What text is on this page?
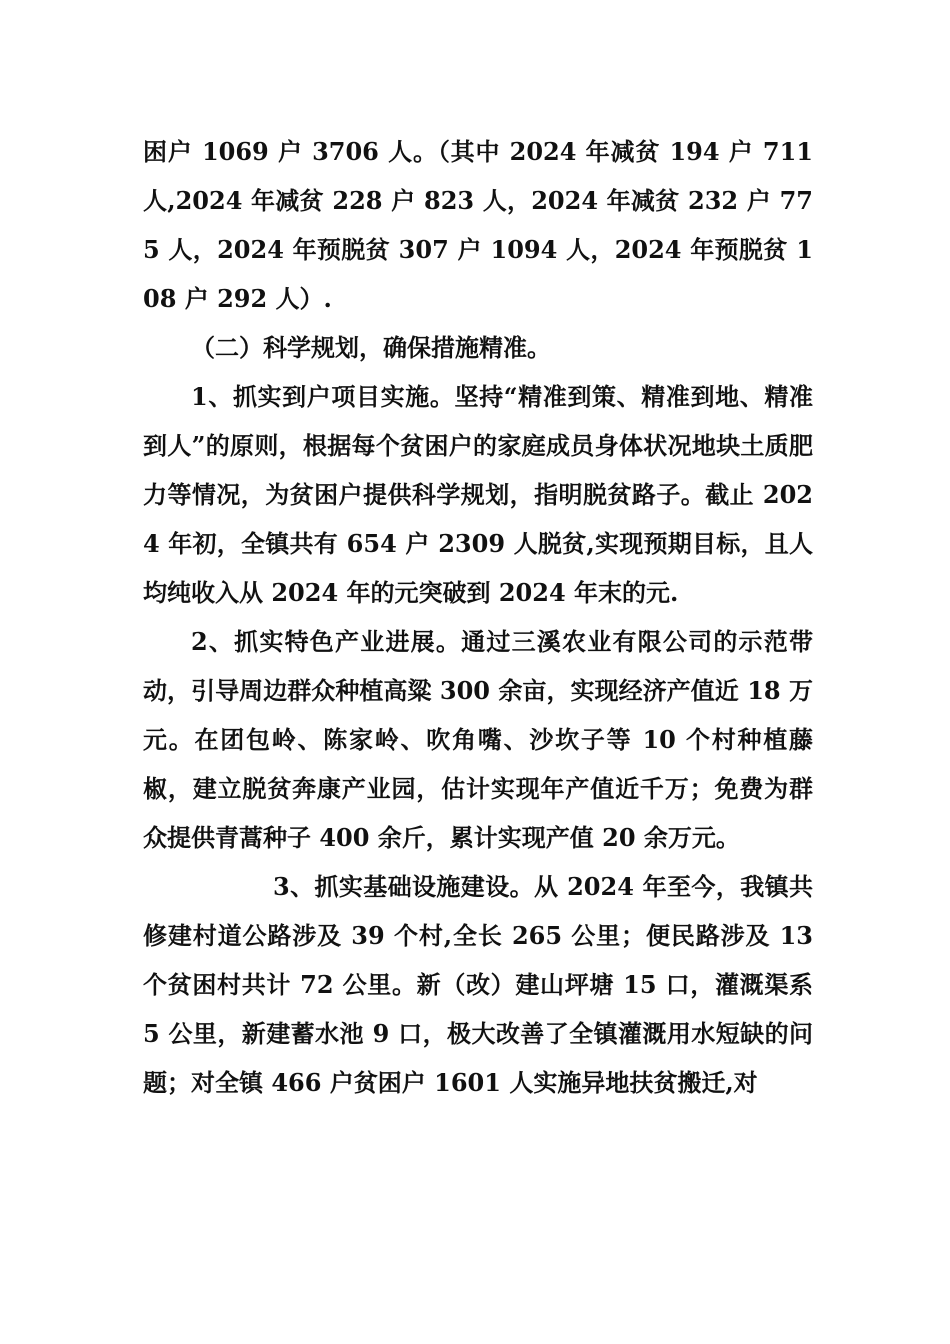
困户 1069 户 3706 人。（其中 2024 年减贫 194 户 711 人,2024 年减贫 228 户 823 人，2024 年减贫 232 户 775 人，2024 年预脱贫 307 户 1094 人，2024 年预脱贫 108 户 292 人）.

（二）科学规划，确保措施精准。

1、抓实到户项目实施。坚持“精准到策、精准到地、精准到人”的原则，根据每个贫困户的家庭成员身体状况地块土质肥力等情况，为贫困户提供科学规划，指明脱贫路子。截止 2024 年初，全镇共有 654 户 2309 人脱贫,实现预期目标，且人均纯收入从 2024 年的元突破到 2024 年末的元.

2、抓实特色产业进展。通过三溪农业有限公司的示范带动，引导周边群众种植高粱 300 余亩，实现经济产值近 18 万元。在团包岭、陈家岭、吹角嘴、沙坎子等 10 个村种植藤椒，建立脱贫奔康产业园，估计实现年产值近千万；免费为群众提供青蒿种子 400 余斤，累计实现产值 20 余万元。

3、抓实基础设施建设。从 2024 年至今，我镇共修建村道公路涉及 39 个村,全长 265 公里；便民路涉及 13 个贫困村共计 72 公里。新（改）建山坪塘 15 口，灌溉渠系 5 公里，新建蓄水池 9 口，极大改善了全镇灌溉用水短缺的问题；对全镇 466 户贫困户 1601 人实施异地扶贫搬迁,对
